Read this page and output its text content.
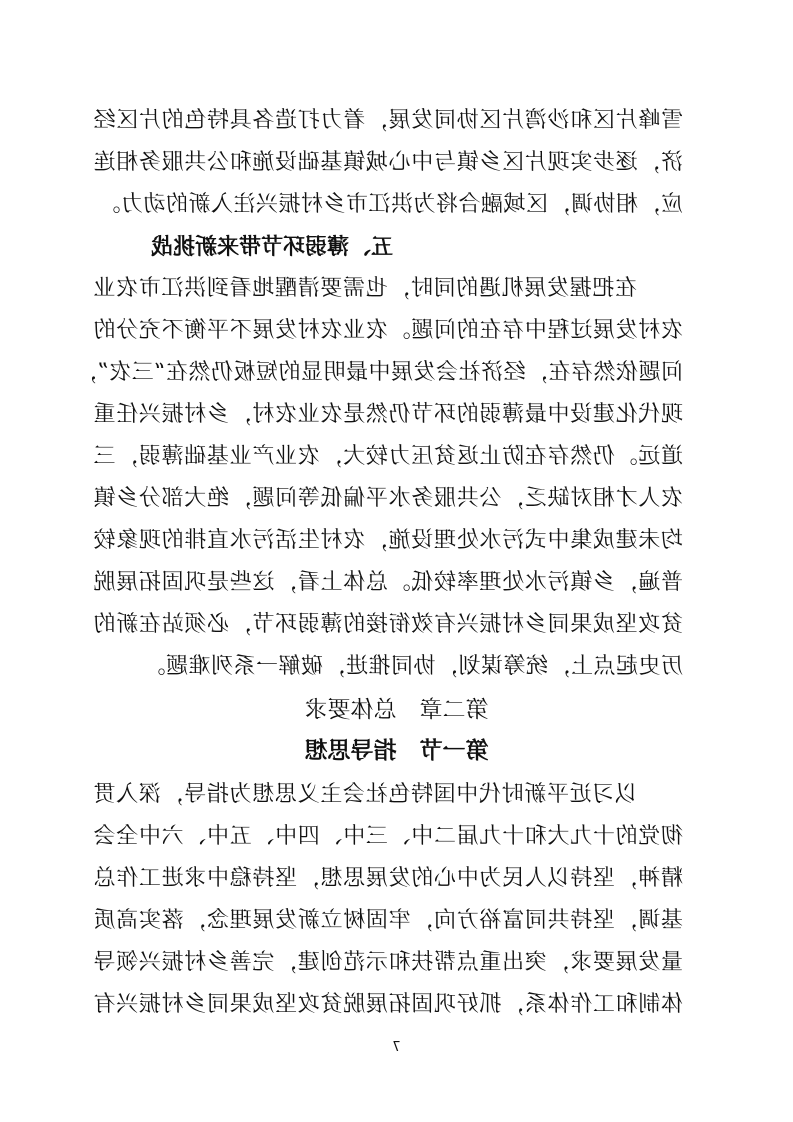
雪峰片区和沙湾片区协同发展，着力打造各具特色的片区经
济，逐步实现片区乡镇与中心城镇基础设施和公共服务相连
应，相协调，区域融合将为洪江市乡村振兴注入新的动力。
五、薄弱环节带来新挑战
在把握发展机遇的同时，也需要清醒地看到洪江市农业
农村发展过程中存在的问题。农业农村发展不平衡不充分的
问题依然存在，经济社会发展中最明显的短板仍然在“三农”，
现代化建设中最薄弱的环节仍然是农业农村，乡村振兴任重
道远。仍然存在防止返贫压力较大，农业产业基础薄弱，三
农人才相对缺乏，公共服务水平偏低等问题，绝大部分乡镇
均未建成集中式污水处理设施，农村生活污水直排的现象较
普遍，乡镇污水处理率较低。总体上看，这些是巩固拓展脱
贫攻坚成果同乡村振兴有效衔接的薄弱环节，必须站在新的
历史起点上，统筹谋划，协同推进，破解一系列难题。
第二章　总体要求
第一节　指导思想
以习近平新时代中国特色社会主义思想为指导，深入贯
彻党的十九大和十九届二中、三中、四中、五中、六中全会
精神，坚持以人民为中心的发展思想，坚持稳中求进工作总
基调，坚持共同富裕方向，牢固树立新发展理念，落实高质
量发展要求，突出重点帮扶和示范创建，完善乡村振兴领导
体制和工作体系，抓好巩固拓展脱贫攻坚成果同乡村振兴有
7
